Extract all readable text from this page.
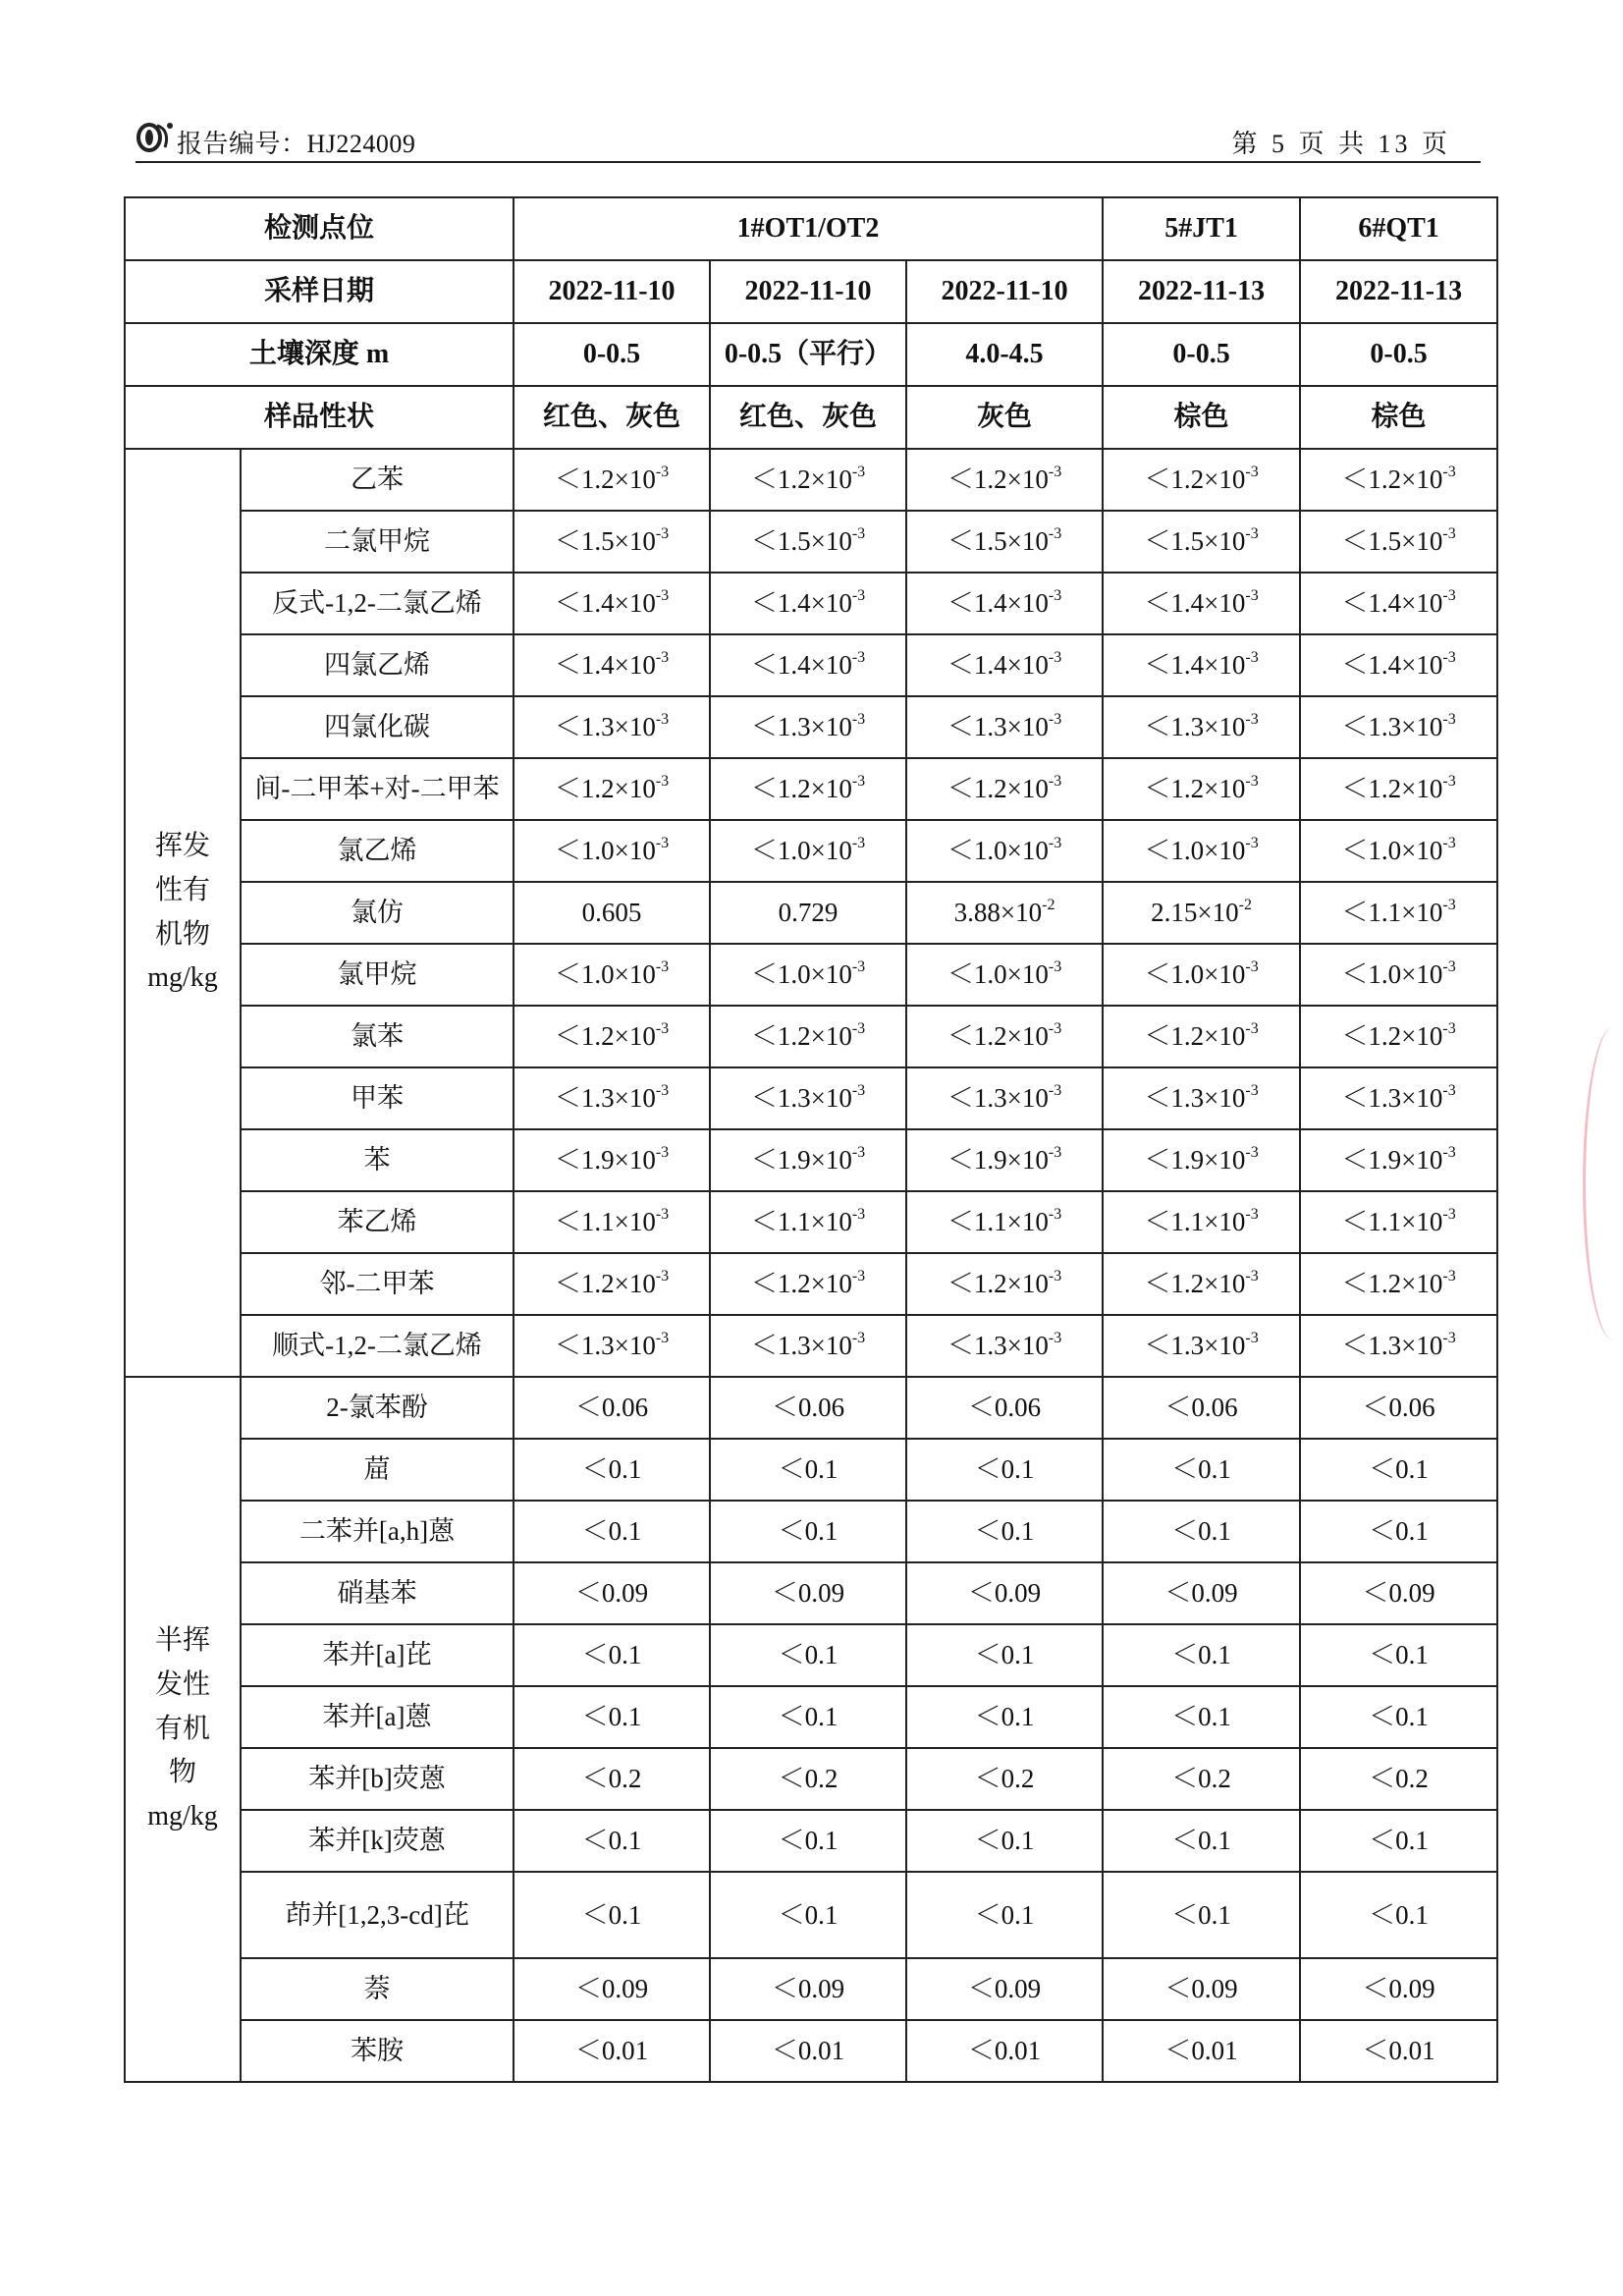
报告编号：HJ224009	第 5 页 共 13 页
检测点位		1#OT1/OT2			5#JT1	6#QT1
采样日期		2022-11-10	2022-11-10	2022-11-10	2022-11-13	2022-11-13
土壤深度 m		0-0.5	0-0.5（平行）	4.0-4.5	0-0.5	0-0.5
样品性状		红色、灰色	红色、灰色	灰色	棕色	棕色
挥发
性有
机物
mg/kg	乙苯	$<1.2\times 10^{-3}$	$<1.2\times 10^{-3}$	$<1.2\times 10^{-3}$	$<1.2\times 10^{-3}$	$<1.2\times 10^{-3}$
	二氯甲烷	$<1.5\times 10^{-3}$	$<1.5\times 10^{-3}$	$<1.5\times 10^{-3}$	$<1.5\times 10^{-3}$	$<1.5\times 10^{-3}$
	反式-1,2-二氯乙烯	$<1.4\times 10^{-3}$	$<1.4\times 10^{-3}$	$<1.4\times 10^{-3}$	$<1.4\times 10^{-3}$	$<1.4\times 10^{-3}$
	四氯乙烯	$<1.4\times 10^{-3}$	$<1.4\times 10^{-3}$	$<1.4\times 10^{-3}$	$<1.4\times 10^{-3}$	$<1.4\times 10^{-3}$
	四氯化碳	$<1.3\times 10^{-3}$	$<1.3\times 10^{-3}$	$<1.3\times 10^{-3}$	$<1.3\times 10^{-3}$	$<1.3\times 10^{-3}$
	间-二甲苯+对-二甲苯	$<1.2\times 10^{-3}$	$<1.2\times 10^{-3}$	$<1.2\times 10^{-3}$	$<1.2\times 10^{-3}$	$<1.2\times 10^{-3}$
	氯乙烯	$<1.0\times 10^{-3}$	$<1.0\times 10^{-3}$	$<1.0\times 10^{-3}$	$<1.0\times 10^{-3}$	$<1.0\times 10^{-3}$
	氯仿	0.605	0.729	$3.88\times 10^{-2}$	$2.15\times 10^{-2}$	$<1.1\times 10^{-3}$
	氯甲烷	$<1.0\times 10^{-3}$	$<1.0\times 10^{-3}$	$<1.0\times 10^{-3}$	$<1.0\times 10^{-3}$	$<1.0\times 10^{-3}$
	氯苯	$<1.2\times 10^{-3}$	$<1.2\times 10^{-3}$	$<1.2\times 10^{-3}$	$<1.2\times 10^{-3}$	$<1.2\times 10^{-3}$
	甲苯	$<1.3\times 10^{-3}$	$<1.3\times 10^{-3}$	$<1.3\times 10^{-3}$	$<1.3\times 10^{-3}$	$<1.3\times 10^{-3}$
	苯	$<1.9\times 10^{-3}$	$<1.9\times 10^{-3}$	$<1.9\times 10^{-3}$	$<1.9\times 10^{-3}$	$<1.9\times 10^{-3}$
	苯乙烯	$<1.1\times 10^{-3}$	$<1.1\times 10^{-3}$	$<1.1\times 10^{-3}$	$<1.1\times 10^{-3}$	$<1.1\times 10^{-3}$
	邻-二甲苯	$<1.2\times 10^{-3}$	$<1.2\times 10^{-3}$	$<1.2\times 10^{-3}$	$<1.2\times 10^{-3}$	$<1.2\times 10^{-3}$
	顺式-1,2-二氯乙烯	$<1.3\times 10^{-3}$	$<1.3\times 10^{-3}$	$<1.3\times 10^{-3}$	$<1.3\times 10^{-3}$	$<1.3\times 10^{-3}$
半挥
发性
有机
物
mg/kg	2-氯苯酚	＜0.06	＜0.06	＜0.06	＜0.06	＜0.06
	䓛	＜0.1	＜0.1	＜0.1	＜0.1	＜0.1
	二苯并[a,h]蒽	＜0.1	＜0.1	＜0.1	＜0.1	＜0.1
	硝基苯	＜0.09	＜0.09	＜0.09	＜0.09	＜0.09
	苯并[a]芘	＜0.1	＜0.1	＜0.1	＜0.1	＜0.1
	苯并[a]蒽	＜0.1	＜0.1	＜0.1	＜0.1	＜0.1
	苯并[b]荧蒽	＜0.2	＜0.2	＜0.2	＜0.2	＜0.2
	苯并[k]荧蒽	＜0.1	＜0.1	＜0.1	＜0.1	＜0.1
	茚并[1,2,3-cd]芘	＜0.1	＜0.1	＜0.1	＜0.1	＜0.1
	萘	＜0.09	＜0.09	＜0.09	＜0.09	＜0.09
	苯胺	＜0.01	＜0.01	＜0.01	＜0.01	＜0.01
